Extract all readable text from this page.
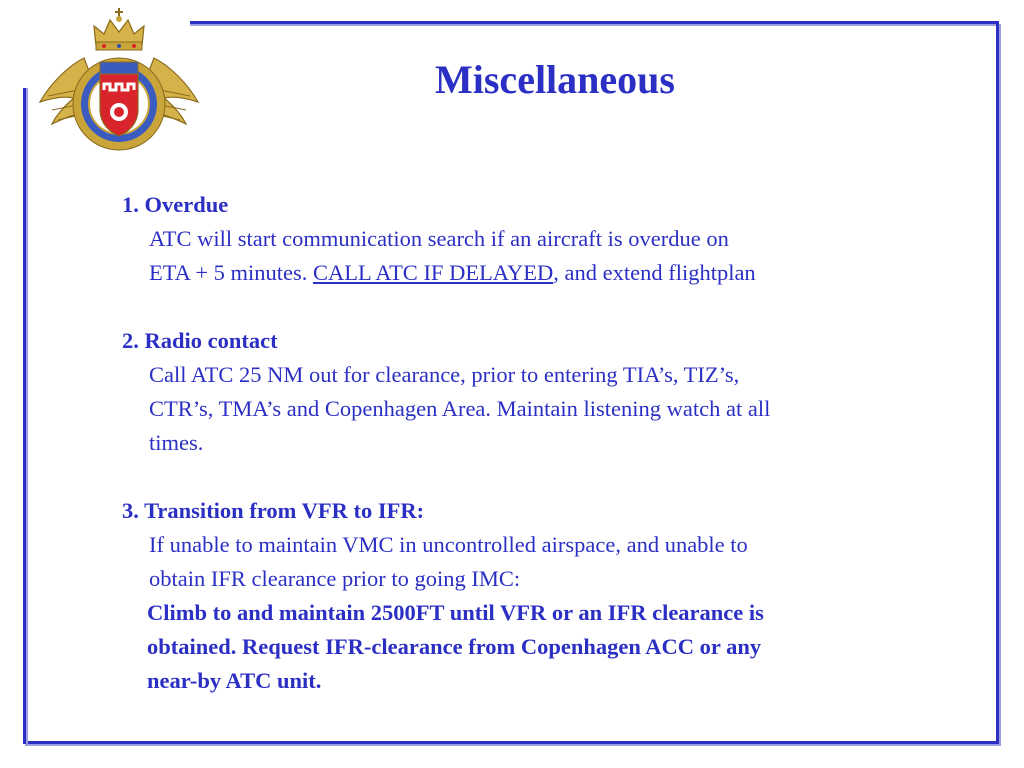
Miscellaneous
1. Overdue
ATC will start communication search if an aircraft is overdue on
ETA + 5 minutes. CALL ATC IF DELAYED, and extend flightplan
2. Radio contact
Call ATC 25 NM out for clearance, prior to entering TIA’s, TIZ’s,
CTR’s, TMA’s and Copenhagen Area. Maintain listening watch at all
times.
3. Transition from VFR to IFR:
If unable to maintain VMC in uncontrolled airspace, and unable to
obtain IFR clearance prior to going IMC:
Climb to and maintain 2500FT until VFR or an IFR clearance is
obtained. Request IFR-clearance from Copenhagen ACC or any
near-by ATC unit.
